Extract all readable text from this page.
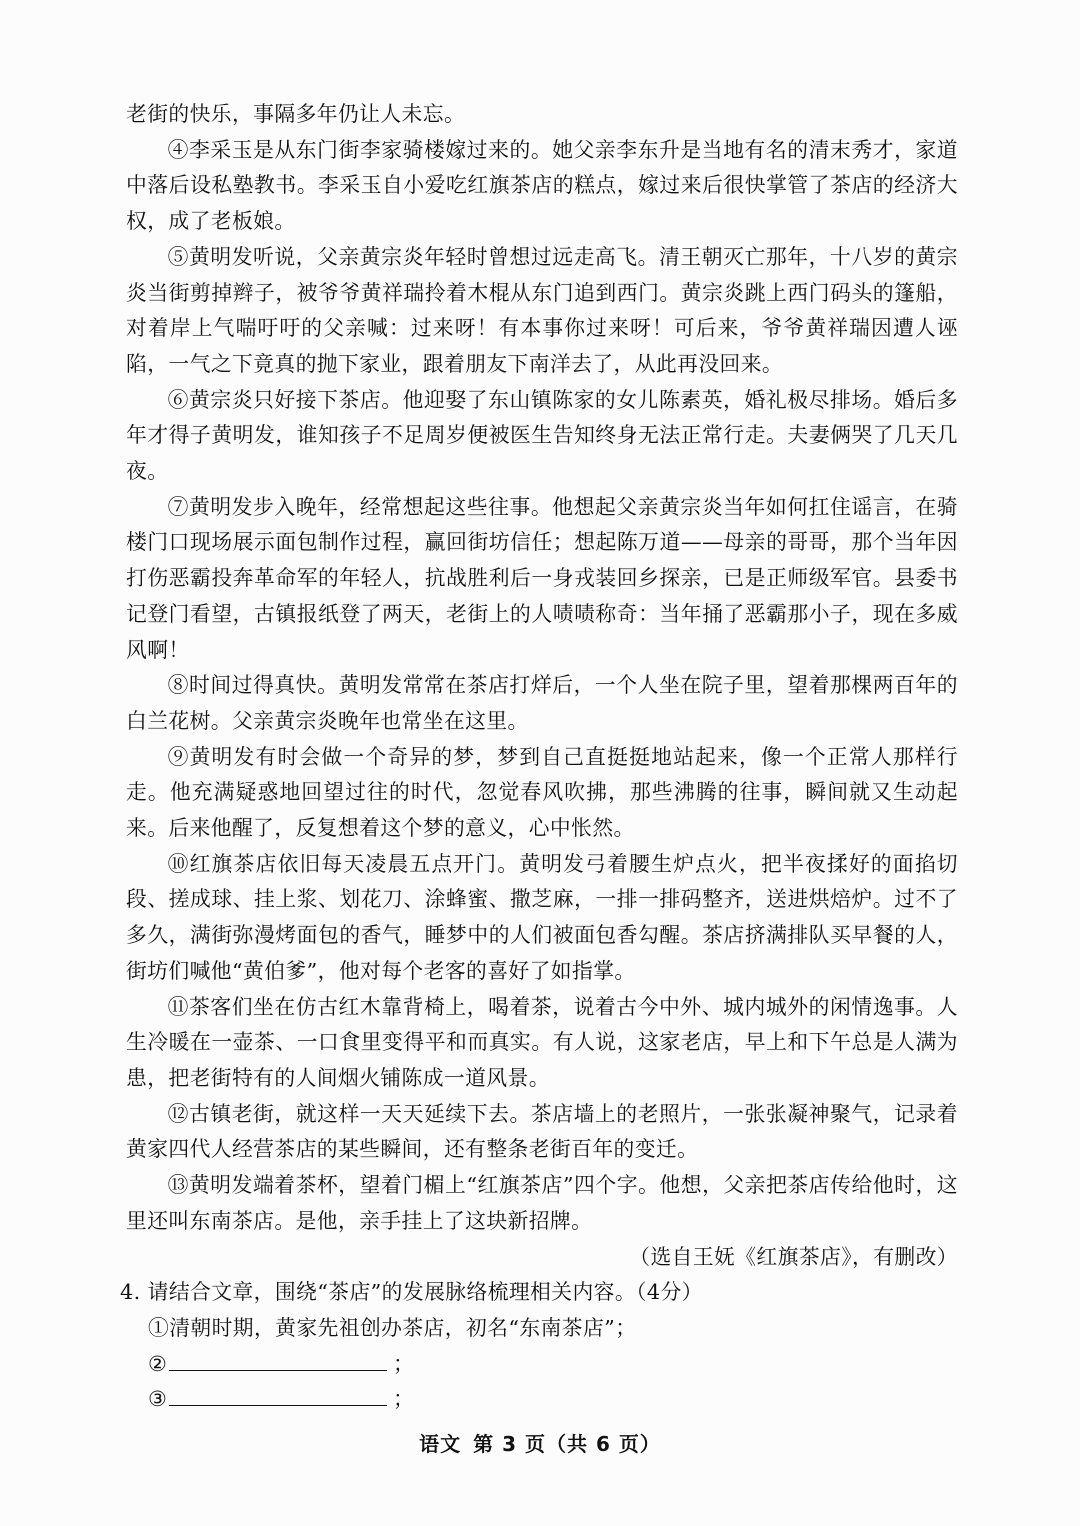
老街的快乐，事隔多年仍让人未忘。

④李采玉是从东门街李家骑楼嫁过来的。她父亲李东升是当地有名的清末秀才，家道中落后设私塾教书。李采玉自小爱吃红旗茶店的糕点，嫁过来后很快掌管了茶店的经济大权，成了老板娘。

⑤黄明发听说，父亲黄宗炎年轻时曾想过远走高飞。清王朝灭亡那年，十八岁的黄宗炎当街剪掉辫子，被爷爷黄祥瑞拎着木棍从东门追到西门。黄宗炎跳上西门码头的篷船，对着岸上气喘吁吁的父亲喊：过来呀！有本事你过来呀！可后来，爷爷黄祥瑞因遭人诬陷，一气之下竟真的抛下家业，跟着朋友下南洋去了，从此再没回来。

⑥黄宗炎只好接下茶店。他迎娶了东山镇陈家的女儿陈素英，婚礼极尽排场。婚后多年才得子黄明发，谁知孩子不足周岁便被医生告知终身无法正常行走。夫妻俩哭了几天几夜。

⑦黄明发步入晚年，经常想起这些往事。他想起父亲黄宗炎当年如何扛住谣言，在骑楼门口现场展示面包制作过程，赢回街坊信任；想起陈万道——母亲的哥哥，那个当年因打伤恶霸投奔革命军的年轻人，抗战胜利后一身戎装回乡探亲，已是正师级军官。县委书记登门看望，古镇报纸登了两天，老街上的人啧啧称奇：当年捅了恶霸那小子，现在多威风啊！

⑧时间过得真快。黄明发常常在茶店打烊后，一个人坐在院子里，望着那棵两百年的白兰花树。父亲黄宗炎晚年也常坐在这里。

⑨黄明发有时会做一个奇异的梦，梦到自己直挺挺地站起来，像一个正常人那样行走。他充满疑惑地回望过往的时代，忽觉春风吹拂，那些沸腾的往事，瞬间就又生动起来。后来他醒了，反复想着这个梦的意义，心中怅然。

⑩红旗茶店依旧每天凌晨五点开门。黄明发弓着腰生炉点火，把半夜揉好的面掐切段、搓成球、挂上浆、划花刀、涂蜂蜜、撒芝麻，一排一排码整齐，送进烘焙炉。过不了多久，满街弥漫烤面包的香气，睡梦中的人们被面包香勾醒。茶店挤满排队买早餐的人，街坊们喊他“黄伯爹”，他对每个老客的喜好了如指掌。

⑪茶客们坐在仿古红木靠背椅上，喝着茶，说着古今中外、城内城外的闲情逸事。人生冷暖在一壶茶、一口食里变得平和而真实。有人说，这家老店，早上和下午总是人满为患，把老街特有的人间烟火铺陈成一道风景。

⑫古镇老街，就这样一天天延续下去。茶店墙上的老照片，一张张凝神聚气，记录着黄家四代人经营茶店的某些瞬间，还有整条老街百年的变迁。

⑬黄明发端着茶杯，望着门楣上“红旗茶店”四个字。他想，父亲把茶店传给他时，这里还叫东南茶店。是他，亲手挂上了这块新招牌。

（选自王妩《红旗茶店》，有删改）

4. 请结合文章，围绕“茶店”的发展脉络梳理相关内容。（4分）

①清朝时期，黄家先祖创办茶店，初名“东南茶店”；

②	；

③	；

语文 第 3 页（共 6 页）
